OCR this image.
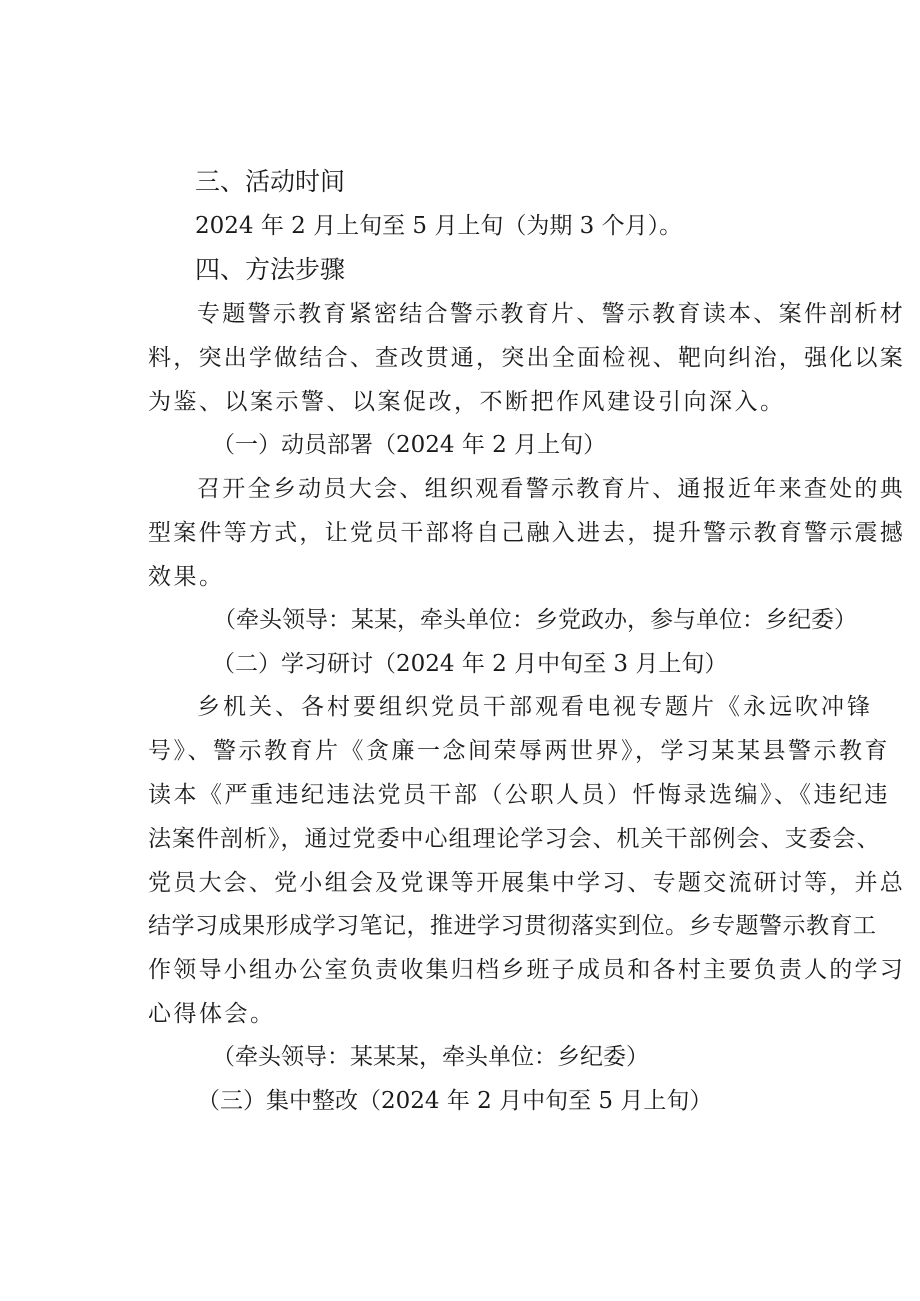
三、活动时间
2024 年 2 月上旬至 5 月上旬（为期 3 个月）。
四、方法步骤
专题警示教育紧密结合警示教育片、警示教育读本、案件剖析材
料，突出学做结合、查改贯通，突出全面检视、靶向纠治，强化以案
为鉴、以案示警、以案促改，不断把作风建设引向深入。
（一）动员部署（2024 年 2 月上旬）
召开全乡动员大会、组织观看警示教育片、通报近年来查处的典
型案件等方式，让党员干部将自己融入进去，提升警示教育警示震撼
效果。
（牵头领导：某某，牵头单位：乡党政办，参与单位：乡纪委）
（二）学习研讨（2024 年 2 月中旬至 3 月上旬）
乡机关、各村要组织党员干部观看电视专题片《永远吹冲锋
号》、警示教育片《贪廉一念间荣辱两世界》，学习某某县警示教育
读本《严重违纪违法党员干部（公职人员）忏悔录选编》、《违纪违
法案件剖析》，通过党委中心组理论学习会、机关干部例会、支委会、
党员大会、党小组会及党课等开展集中学习、专题交流研讨等，并总
结学习成果形成学习笔记，推进学习贯彻落实到位。乡专题警示教育工
作领导小组办公室负责收集归档乡班子成员和各村主要负责人的学习
心得体会。
（牵头领导：某某某，牵头单位：乡纪委）
（三）集中整改（2024 年 2 月中旬至 5 月上旬）
